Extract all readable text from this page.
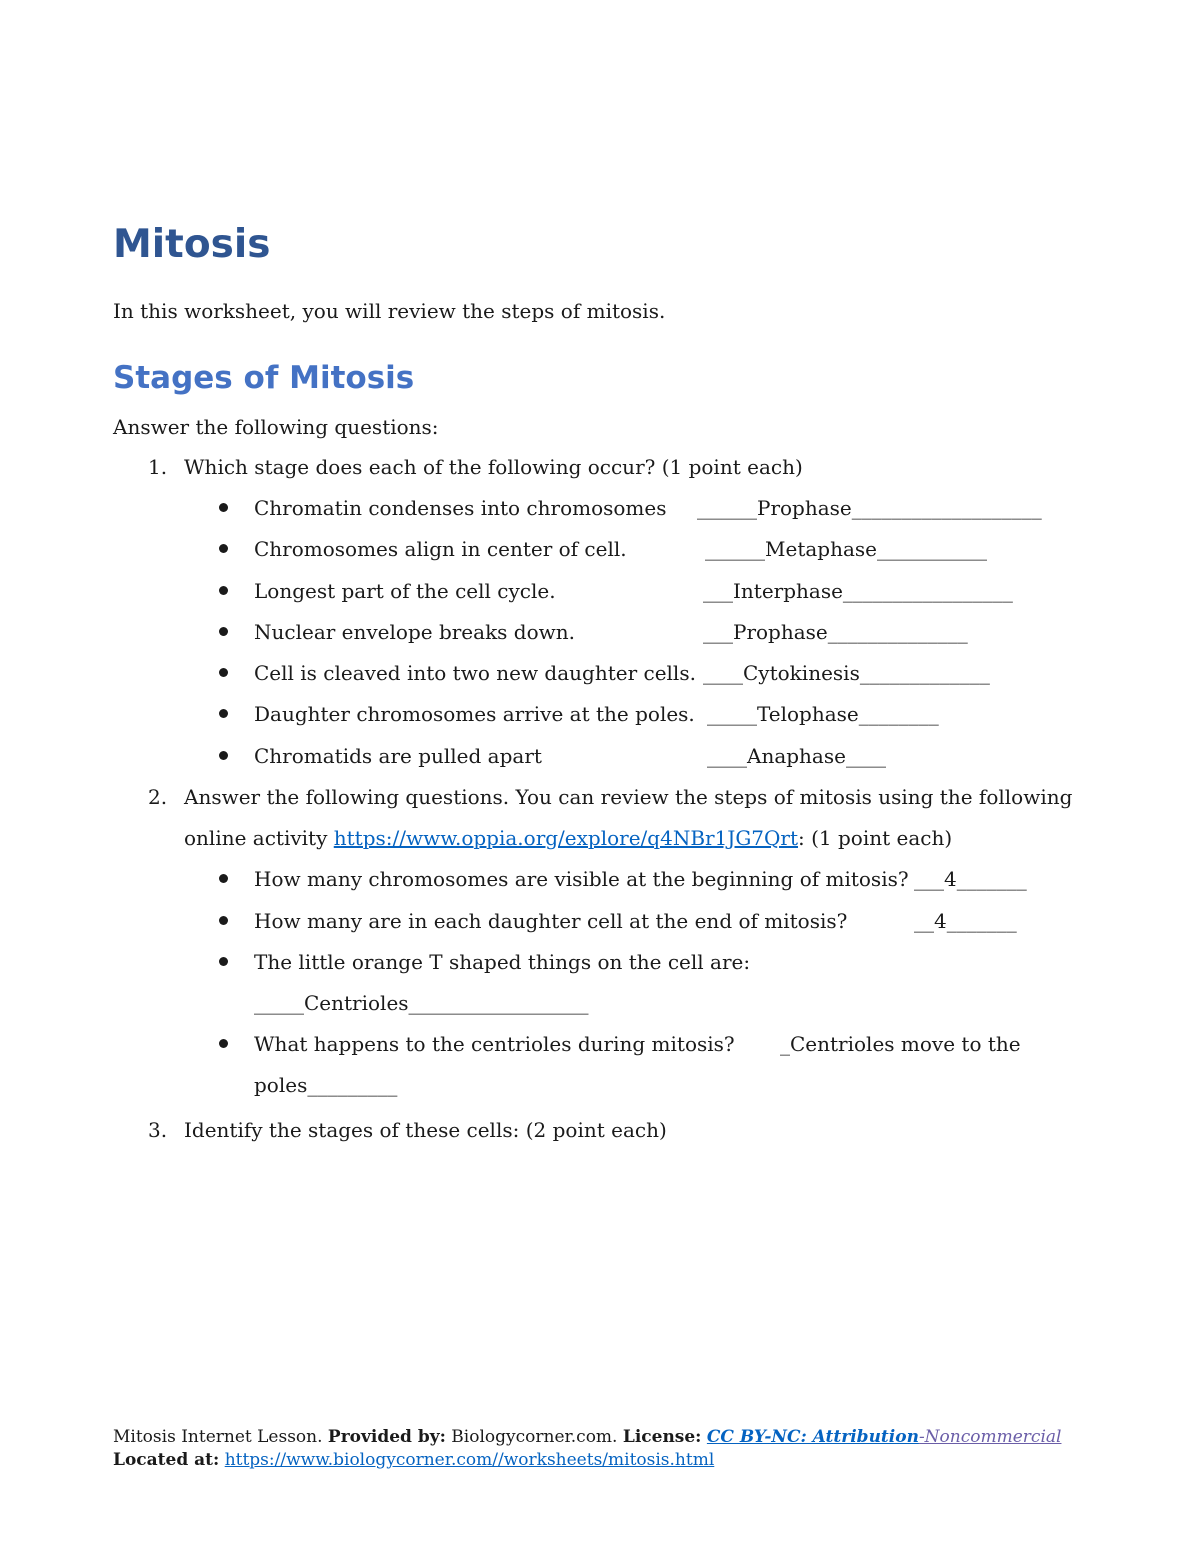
Mitosis
In this worksheet, you will review the steps of mitosis.
Stages of Mitosis
Answer the following questions:
1. Which stage does each of the following occur? (1 point each)
Chromatin condenses into chromosomes ______Prophase___________________
Chromosomes align in center of cell.	______Metaphase___________
Longest part of the cell cycle.	___Interphase_________________
Nuclear envelope breaks down.	___Prophase______________
Cell is cleaved into two new daughter cells. ____Cytokinesis_____________
Daughter chromosomes arrive at the poles. _____Telophase________
Chromatids are pulled apart	____Anaphase____
2. Answer the following questions. You can review the steps of mitosis using the following
online activity https://www.oppia.org/explore/q4NBr1JG7Qrt: (1 point each)
How many chromosomes are visible at the beginning of mitosis? ___4_______
How many are in each daughter cell at the end of mitosis?	__4_______
The little orange T shaped things on the cell are:
_____Centrioles__________________
What happens to the centrioles during mitosis? _Centrioles move to the
poles_________
3. Identify the stages of these cells: (2 point each)
Mitosis Internet Lesson. Provided by: Biologycorner.com. License: CC BY-NC: Attribution-Noncommercial
Located at: https://www.biologycorner.com//worksheets/mitosis.html
